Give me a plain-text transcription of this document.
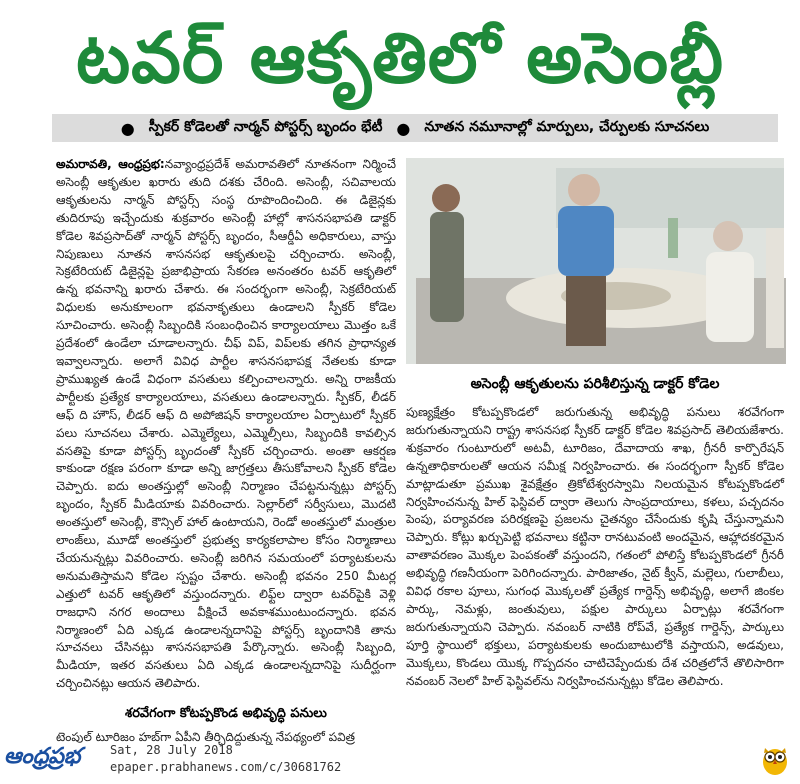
టవర్ ఆకృతిలో అసెంబ్లీ
● స్పీకర్ కోడెలతో నార్మన్ పోస్టర్స్ బృందం భేటీ ● నూతన నమూనాల్లో మార్పులు, చేర్పులకు సూచనలు

అమరావతి, ఆంధ్రప్రభ:నవ్యాంధ్రప్రదేశ్ అమరావతిలో నూతనంగా నిర్మించే అసెంబ్లీ ఆకృతుల ఖరారు తుది దశకు చేరింది. అసెంబ్లీ, సచివాలయ ఆకృతులను నార్మన్ పోస్టర్స్ సంస్థ రూపొందించింది. ఈ డిజైన్లకు తుదిరూపు ఇచ్చేందుకు శుక్రవారం అసెంబ్లీ హాల్లో శాసనసభాపతి డాక్టర్ కోడెల శివప్రసాద్‌తో నార్మన్ పోస్టర్స్ బృందం, సీఆర్డీఏ అధికారులు, వాస్తు నిపుణులు నూతన శాసనసభ ఆకృతులపై చర్చించారు. అసెంబ్లీ, సెక్రటేరియట్ డిజైన్లపై ప్రజాభిప్రాయ సేకరణ అనంతరం టవర్ ఆకృతిలో ఉన్న భవనాన్ని ఖరారు చేశారు. ఈ సందర్భంగా అసెంబ్లీ, సెక్రటేరియట్ విధులకు అనుకూలంగా భవనాకృతులు ఉండాలని స్పీకర్ కోడెల సూచించారు. అసెంబ్లీ సిబ్బందికి సంబంధించిన కార్యాలయాలు మొత్తం ఒకే ప్రదేశంలో ఉండేలా చూడాలన్నారు. చీఫ్ విప్, విప్‌లకు తగిన ప్రాధాన్యత ఇవ్వాలన్నారు. అలాగే వివిధ పార్టీల శాసనసభాపక్ష నేతలకు కూడా ప్రాముఖ్యత ఉండే విధంగా వసతులు కల్పించాలన్నారు. అన్ని రాజకీయ పార్టీలకు ప్రత్యేక కార్యాలయాలు, వసతులు ఉండాలన్నారు. స్పీకర్, లీడర్ ఆఫ్ ది హౌస్, లీడర్ ఆఫ్ ది అపోజిషన్ కార్యాలయాల ఏర్పాటులో స్పీకర్ పలు సూచనలు చేశారు. ఎమ్మెల్యేలు, ఎమ్మెల్సీలు, సిబ్బందికి కావల్సిన వసతిపై కూడా పోస్టర్స్ బృందంతో స్పీకర్ చర్చించారు. అంతా ఆకర్షణ కాకుండా రక్షణ పరంగా కూడా అన్ని జాగ్రత్తలు తీసుకోవాలని స్పీకర్ కోడెల చెప్పారు. ఐదు అంతస్తుల్లో అసెంబ్లీ నిర్మాణం చేపట్టనున్నట్లు పోస్టర్స్ బృందం, స్పీకర్ మీడియాకు వివరించారు. సెల్లార్‌లో సర్వీసులు, మొదటి అంతస్తులో అసెంబ్లీ, కౌన్సిల్ హాల్ ఉంటాయని, రెండో అంతస్తులో మంత్రుల లాంజ్‌లు, మూడో అంతస్తులో ప్రభుత్వ కార్యకలాపాల కోసం నిర్మాణాలు చేయనున్నట్లు వివరించారు. అసెంబ్లీ జరిగిన సమయంలో పర్యాటకులను అనుమతిస్తామని కోడెల స్పష్టం చేశారు. అసెంబ్లీ భవనం 250 మీటర్ల ఎత్తులో టవర్ ఆకృతిలో వస్తుందన్నారు. లిఫ్ట్‌ల ద్వారా టవర్‌పైకి వెళ్లి రాజధాని నగర అందాలు వీక్షించే అవకాశముంటుందన్నారు. భవన నిర్మాణంలో ఏది ఎక్కడ ఉండాలన్నదానిపై పోస్టర్స్ బృందానికి తాను సూచనలు చేసినట్లు శాసనసభాపతి పేర్కొన్నారు. అసెంబ్లీ సిబ్బంది, మీడియా, ఇతర వసతులు ఏది ఎక్కడ ఉండాలన్నదానిపై సుదీర్ఘంగా చర్చించినట్లు ఆయన తెలిపారు.

శరవేగంగా కోటప్పకొండ అభివృద్ధి పనులు

టెంపుల్ టూరిజం హబ్‌గా ఏపీని తీర్చిదిద్దుతున్న నేపథ్యంలో పవిత్ర

అసెంబ్లీ ఆకృతులను పరిశీలిస్తున్న డాక్టర్ కోడెల

పుణ్యక్షేత్రం కోటప్పకొండలో జరుగుతున్న అభివృద్ధి పనులు శరవేగంగా జరుగుతున్నాయని రాష్ట్ర శాసనసభ స్పీకర్ డాక్టర్ కోడెల శివప్రసాద్ తెలియజేశారు. శుక్రవారం గుంటూరులో అటవీ, టూరిజం, దేవాదాయ శాఖ, గ్రీనరీ కార్పొరేషన్ ఉన్నతాధికారులతో ఆయన సమీక్ష నిర్వహించారు. ఈ సందర్భంగా స్పీకర్ కోడెల మాట్లాడుతూ ప్రముఖ శైవక్షేత్రం త్రికోటేశ్వరస్వామి నిలయమైన కోటప్పకొండలో నిర్వహించనున్న హిల్ ఫెస్టివల్ ద్వారా తెలుగు సాంప్రదాయాలు, కళలు, పచ్చదనం పెంపు, పర్యావరణ పరిరక్షణపై ప్రజలను చైతన్యం చేసేందుకు కృషి చేస్తున్నామని చెప్పారు. కోట్లు ఖర్చుపెట్టి భవనాలు కట్టినా రానటువంటి అందమైన, ఆహ్లాదకరమైన వాతావరణం మొక్కల పెంపకంతో వస్తుందని, గతంలో పోలిస్తే కోటప్పకొండలో గ్రీనరీ అభివృద్ధి గణనీయంగా పెరిగిందన్నారు. పారిజాతం, నైట్ క్వీన్, మల్లెలు, గులాబీలు, వివిధ రకాల పూలు, సుగంధ మొక్కలతో ప్రత్యేక గార్డెన్స్ అభివృద్ధి, అలాగే జింకల పార్కు, నెమళ్లు, జంతువులు, పక్షుల పార్కులు ఏర్పాట్లు శరవేగంగా జరుగుతున్నాయని చెప్పారు. నవంబర్ నాటికి రోప్‌వే, ప్రత్యేక గార్డెన్స్, పార్కులు పూర్తి స్థాయిలో భక్తులు, పర్యాటకులకు అందుబాటులోకి వస్తాయని, అడవులు, మొక్కలు, కొండలు యొక్క గొప్పదనం చాటిచెప్పేందుకు దేశ చరిత్రలోనే తొలిసారిగా నవంబర్ నెలలో హిల్ ఫెస్టివల్‌ను నిర్వహించనున్నట్లు కోడెల తెలిపారు.

ఆంధ్రప్రభ Sat, 28 July 2018
epaper.prabhanews.com/c/30681762
